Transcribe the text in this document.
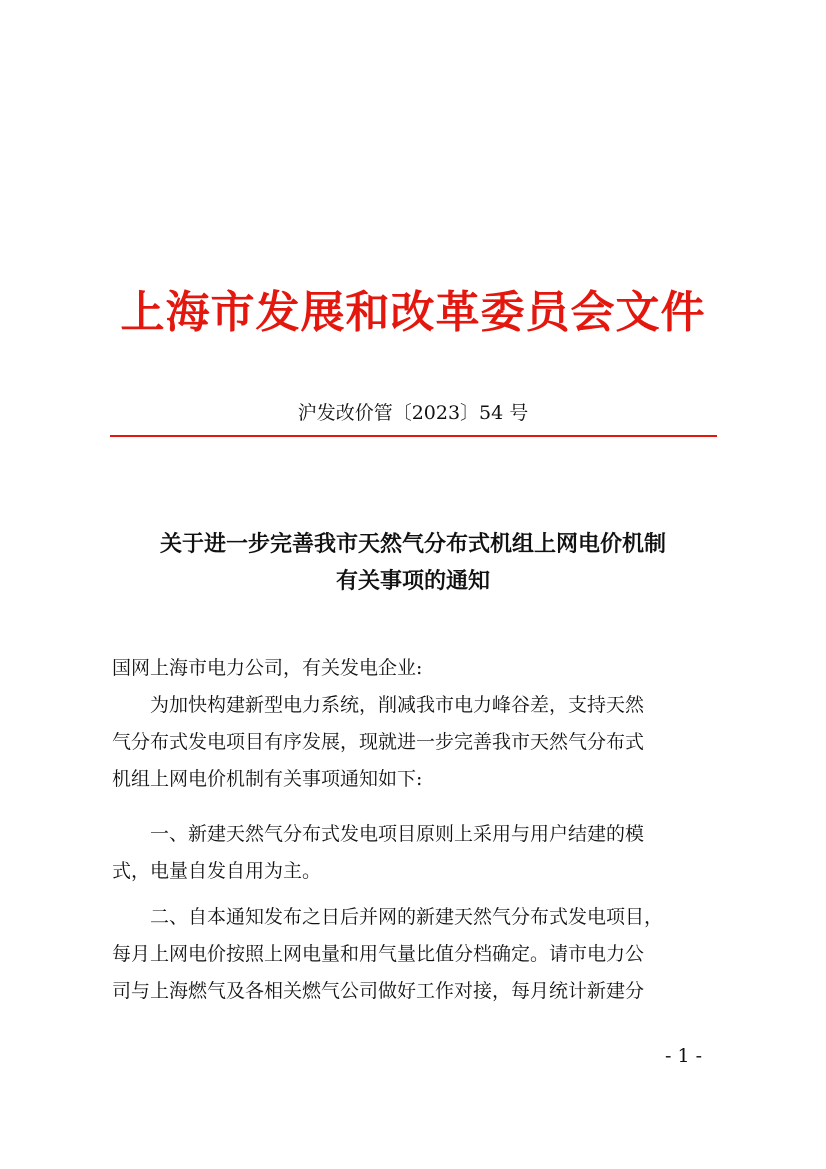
上海市发展和改革委员会文件
沪发改价管〔2023〕54 号
关于进一步完善我市天然气分布式机组上网电价机制
有关事项的通知
国网上海市电力公司，有关发电企业:
为加快构建新型电力系统，削减我市电力峰谷差，支持天然
气分布式发电项目有序发展，现就进一步完善我市天然气分布式
机组上网电价机制有关事项通知如下:
一、新建天然气分布式发电项目原则上采用与用户结建的模
式，电量自发自用为主。
二、自本通知发布之日后并网的新建天然气分布式发电项目，
每月上网电价按照上网电量和用气量比值分档确定。请市电力公
司与上海燃气及各相关燃气公司做好工作对接，每月统计新建分
- 1 -
